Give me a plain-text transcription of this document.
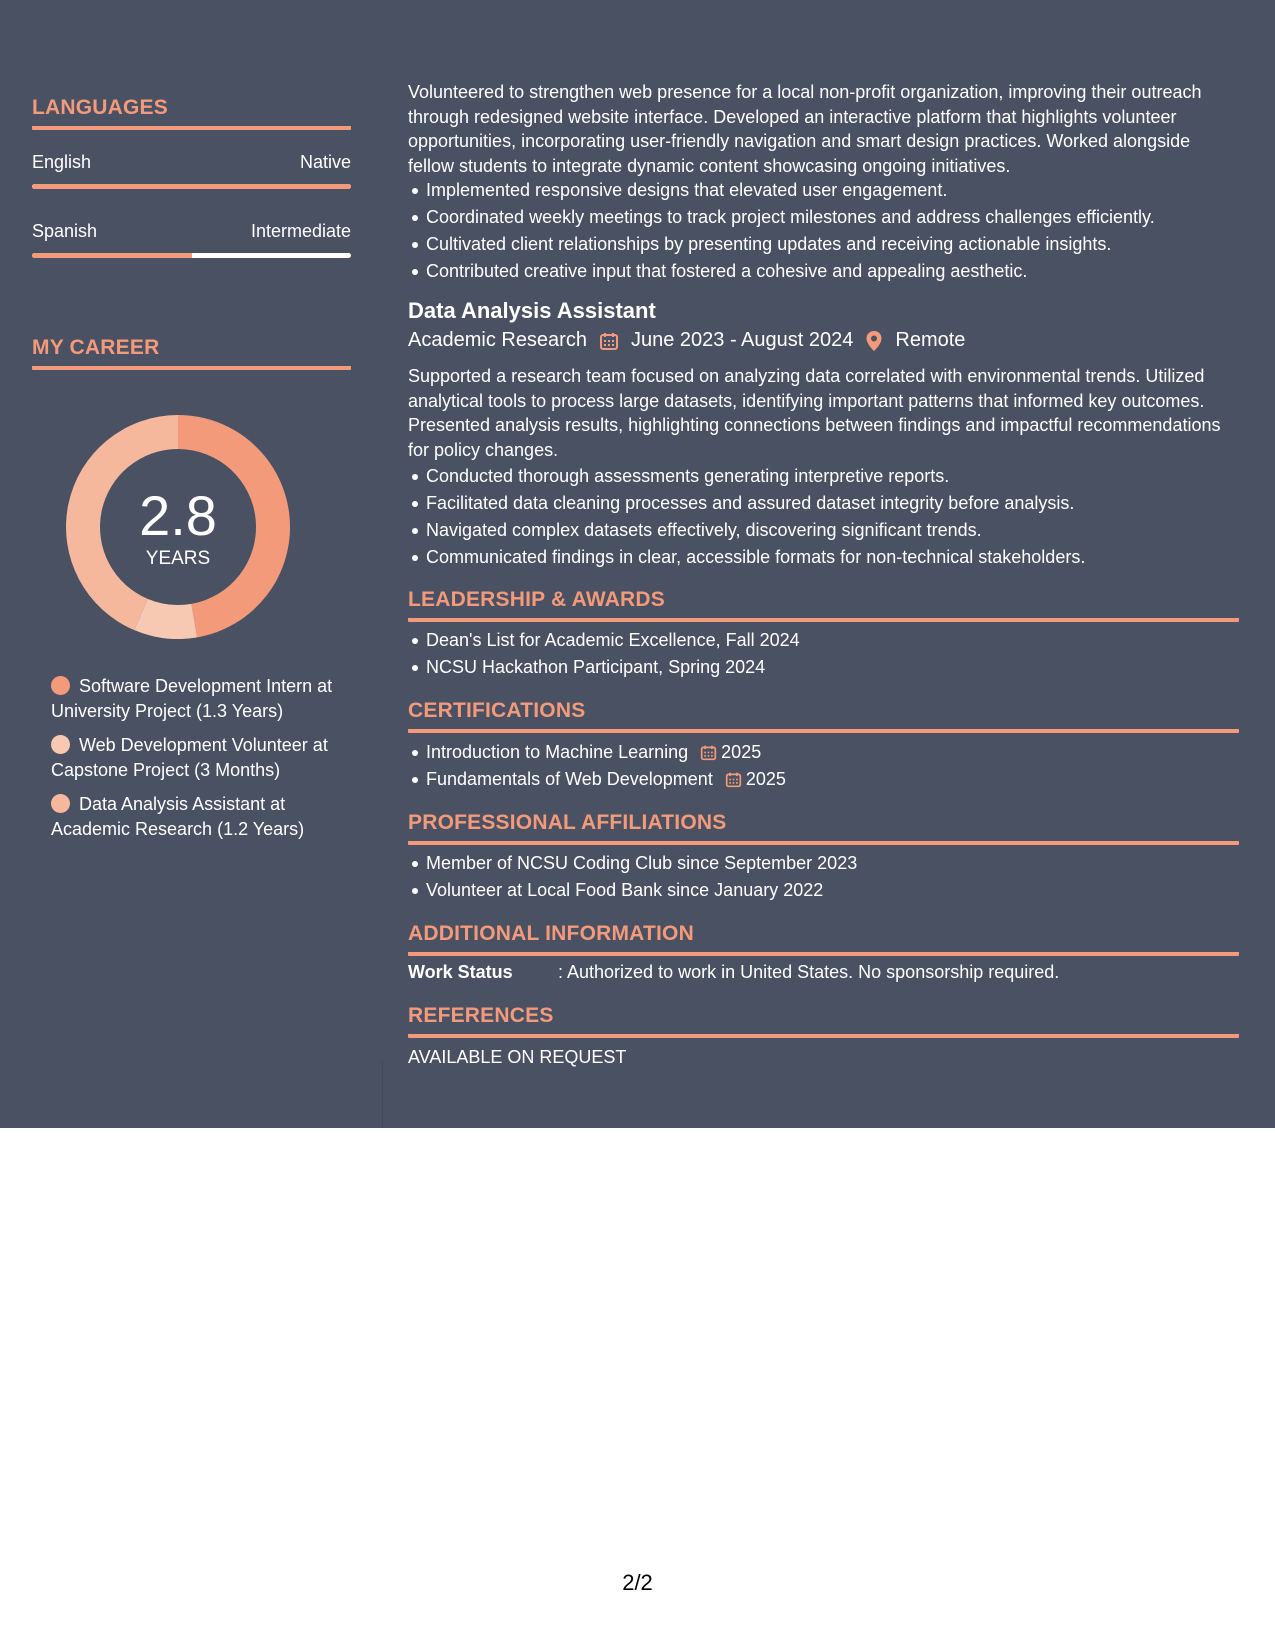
LANGUAGES
English	Native
Spanish	Intermediate
MY CAREER
2.8
YEARS
Software Development Intern at University Project (1.3 Years)
Web Development Volunteer at Capstone Project (3 Months)
Data Analysis Assistant at Academic Research (1.2 Years)
Volunteered to strengthen web presence for a local non-profit organization, improving their outreach through redesigned website interface. Developed an interactive platform that highlights volunteer opportunities, incorporating user-friendly navigation and smart design practices. Worked alongside fellow students to integrate dynamic content showcasing ongoing initiatives.
Implemented responsive designs that elevated user engagement.
Coordinated weekly meetings to track project milestones and address challenges efficiently.
Cultivated client relationships by presenting updates and receiving actionable insights.
Contributed creative input that fostered a cohesive and appealing aesthetic.
Data Analysis Assistant
Academic Research June 2023 - August 2024 Remote
Supported a research team focused on analyzing data correlated with environmental trends. Utilized analytical tools to process large datasets, identifying important patterns that informed key outcomes. Presented analysis results, highlighting connections between findings and impactful recommendations for policy changes.
Conducted thorough assessments generating interpretive reports.
Facilitated data cleaning processes and assured dataset integrity before analysis.
Navigated complex datasets effectively, discovering significant trends.
Communicated findings in clear, accessible formats for non-technical stakeholders.
LEADERSHIP & AWARDS
Dean's List for Academic Excellence, Fall 2024
NCSU Hackathon Participant, Spring 2024
CERTIFICATIONS
Introduction to Machine Learning 2025
Fundamentals of Web Development 2025
PROFESSIONAL AFFILIATIONS
Member of NCSU Coding Club since September 2023
Volunteer at Local Food Bank since January 2022
ADDITIONAL INFORMATION
Work Status	: Authorized to work in United States. No sponsorship required.
REFERENCES
AVAILABLE ON REQUEST
2/2
